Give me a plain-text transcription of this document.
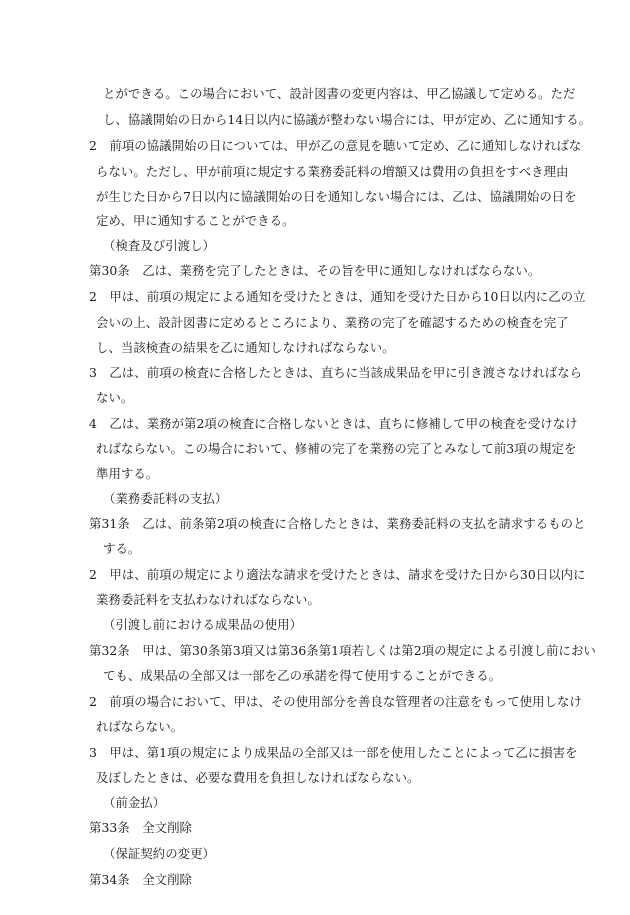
とができる。この場合において、設計図書の変更内容は、甲乙協議して定める。ただ
し、協議開始の日から14日以内に協議が整わない場合には、甲が定め、乙に通知する。
2　前項の協議開始の日については、甲が乙の意見を聴いて定め、乙に通知しなければな
らない。ただし、甲が前項に規定する業務委託料の増額又は費用の負担をすべき理由
が生じた日から7日以内に協議開始の日を通知しない場合には、乙は、協議開始の日を
定め、甲に通知することができる。
（検査及び引渡し）
第30条　乙は、業務を完了したときは、その旨を甲に通知しなければならない。
2　甲は、前項の規定による通知を受けたときは、通知を受けた日から10日以内に乙の立
会いの上、設計図書に定めるところにより、業務の完了を確認するための検査を完了
し、当該検査の結果を乙に通知しなければならない。
3　乙は、前項の検査に合格したときは、直ちに当該成果品を甲に引き渡さなければなら
ない。
4　乙は、業務が第2項の検査に合格しないときは、直ちに修補して甲の検査を受けなけ
ればならない。この場合において、修補の完了を業務の完了とみなして前3項の規定を
準用する。
（業務委託料の支払）
第31条　乙は、前条第2項の検査に合格したときは、業務委託料の支払を請求するものと
する。
2　甲は、前項の規定により適法な請求を受けたときは、請求を受けた日から30日以内に
業務委託料を支払わなければならない。
（引渡し前における成果品の使用）
第32条　甲は、第30条第3項又は第36条第1項若しくは第2項の規定による引渡し前におい
ても、成果品の全部又は一部を乙の承諾を得て使用することができる。
2　前項の場合において、甲は、その使用部分を善良な管理者の注意をもって使用しなけ
ればならない。
3　甲は、第1項の規定により成果品の全部又は一部を使用したことによって乙に損害を
及ぼしたときは、必要な費用を負担しなければならない。
（前金払）
第33条　全文削除
（保証契約の変更）
第34条　全文削除
